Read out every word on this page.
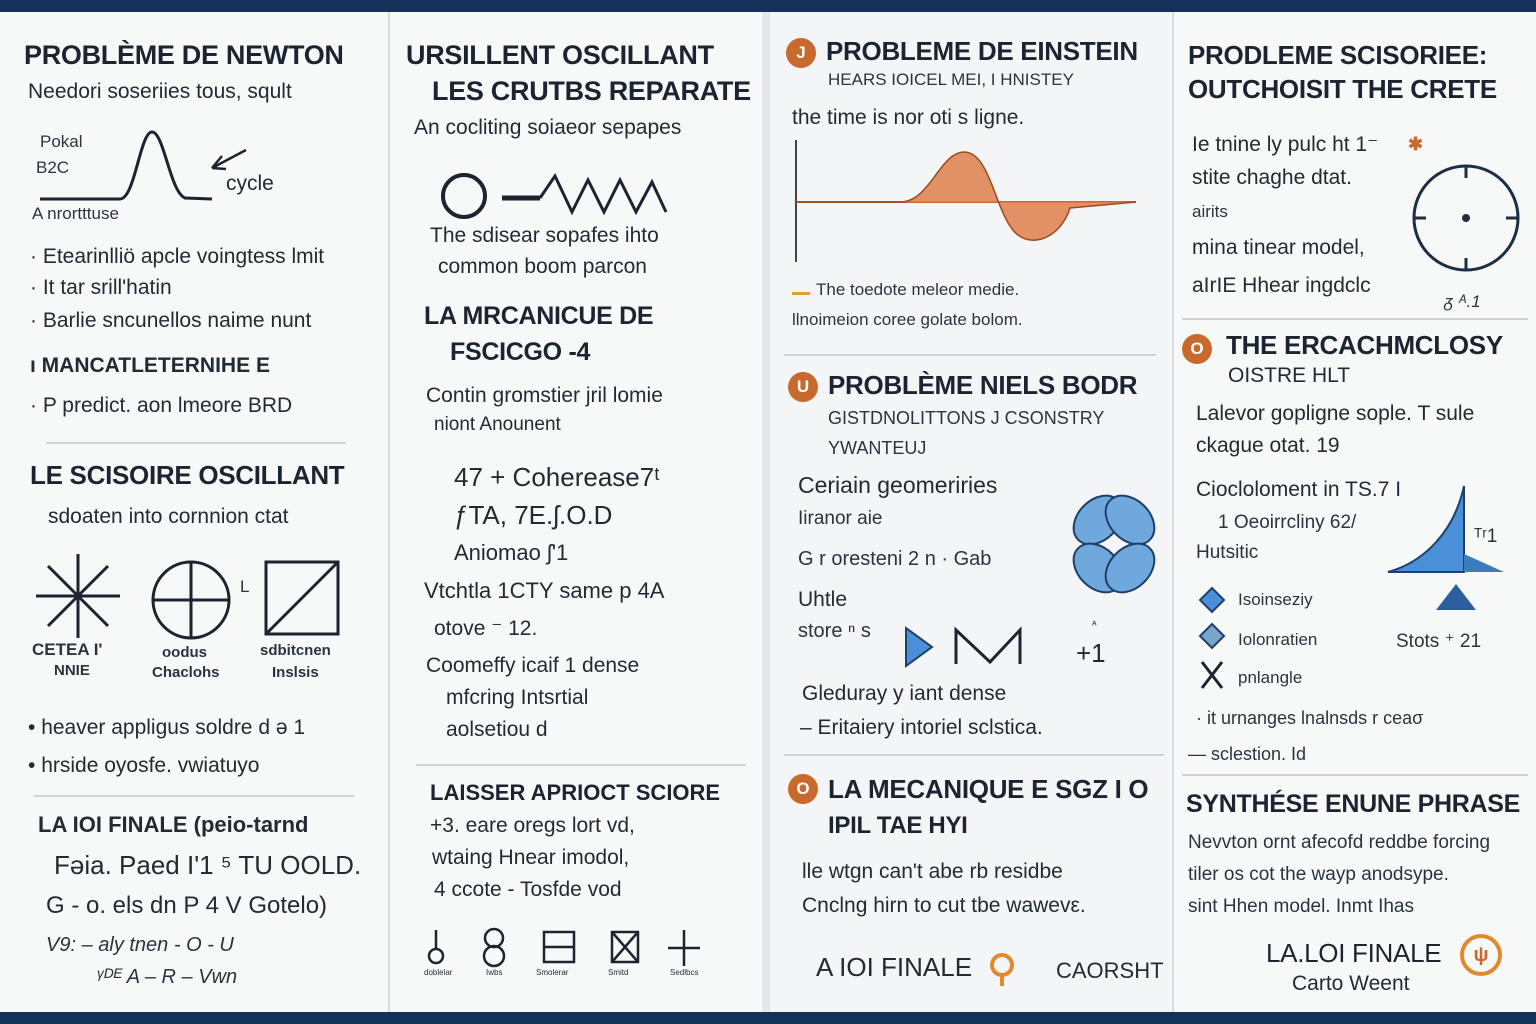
PROBLÈME DE NEWTON
Needori soseriies tous, sqult
Pokal
B2C
cycle
A nrortttuse
· Etearinlliö apcle voingtess lmit
· It tar srill'hatin
· Barlie sncunellos naime nunt
ı MANCATLETERNIHE E
· P predict. aon lmeore BRD
LE SCISOIRE OSCILLANT
sdoaten into cornnion ctat
L
CETEA I'
NNIE
oodus
Chaclohs
sdbitcnen
Inslsis
• heaver appligus soldre d ə 1
• hrside oyosfe. vwiatuyo
LA IOI FINALE (peio-tarnd
Fəia. Paed I'1 ⁵ TU OOLD.
G - o. els dn P 4 V Gotelo)
V9: – aly tnen - O - U
ᵞᴰᴱ A – R – Vwn
URSILLENT OSCILLANT
LES CRUTBS REPARATE
An cocliting soiaeor sepapes
The sdisear sopafes ihto
common boom parcon
LA MRCANICUE DE
FSCICGO -4
Contin gromstier jril lomie
niont Anounent
47 + Coherease7ᵗ
ƒTA, 7E.ʃ.O.D
Aniomao ʃ'1
Vtchtla 1CTY same p 4A
otove ⁻ 12.
Coomeffy icaif 1 dense
mfcring Intsrtial
aolsetiou d
LAISSER APRIOCT SCIORE
+3. eare oregs lort vd,
wtaing Hnear imodol,
4 ccote - Tosfde vod
doblelar	Iwbs	Smolerar	Smitd	Sedlbcs
J PROBLEME DE EINSTEIN
HEARS IOICEL MEI, I HNISTEY
the time is nor oti s ligne.
The toedote meleor medie.
llnoimeion coree golate bolom.
U PROBLÈME NIELS BODR
GISTDNOLITTONS J CSONSTRY
YWANTEUJ
Ceriain geomeriries
Iiranor aie
G r oresteni 2 n · Gab
Uhtle
store ⁿ s
+1
ᴬ
Gleduray y iant dense
– Eritaiery intoriel sclstica.
O LA MECANIQUE E SGZ I O
IPIL TAE HYI
lle wtgn can't abe rb residbe
Cnclng hirn to cut tbe wawevε.
A IOI FINALE	CAORSHT
PRODLEME SCISORIEE:
OUTCHOISIT THE CRETE
Ie tnine ly pulc ht 1⁻ ✱
stite chaghe dtat.
airits
mina tinear model,
aIrIE Hhear ingdclc
ᵹ ᴬ.1
O THE ERCACHMCLOSY
OISTRE HLT
Lalevor gopligne sople. T sule
ckague otat. 19
Ciocloloment in TS.7 I
1 Oeoirrcliny 62/
Hutsitic
ᵀʳ1
Isoinseziy
Iolonratien
pnlangle
Stots ⁺ 21
· it urnanges lnalnsds r ceaσ
— sclestion. Id
SYNTHÉSE ENUNE PHRASE
Nevvton ornt afecofd reddbe forcing
tiler os cot the wayp anodsype.
sint Hhen model. Inmt Ihas
LA.LOI FINALE
Carto Weent
ψ
